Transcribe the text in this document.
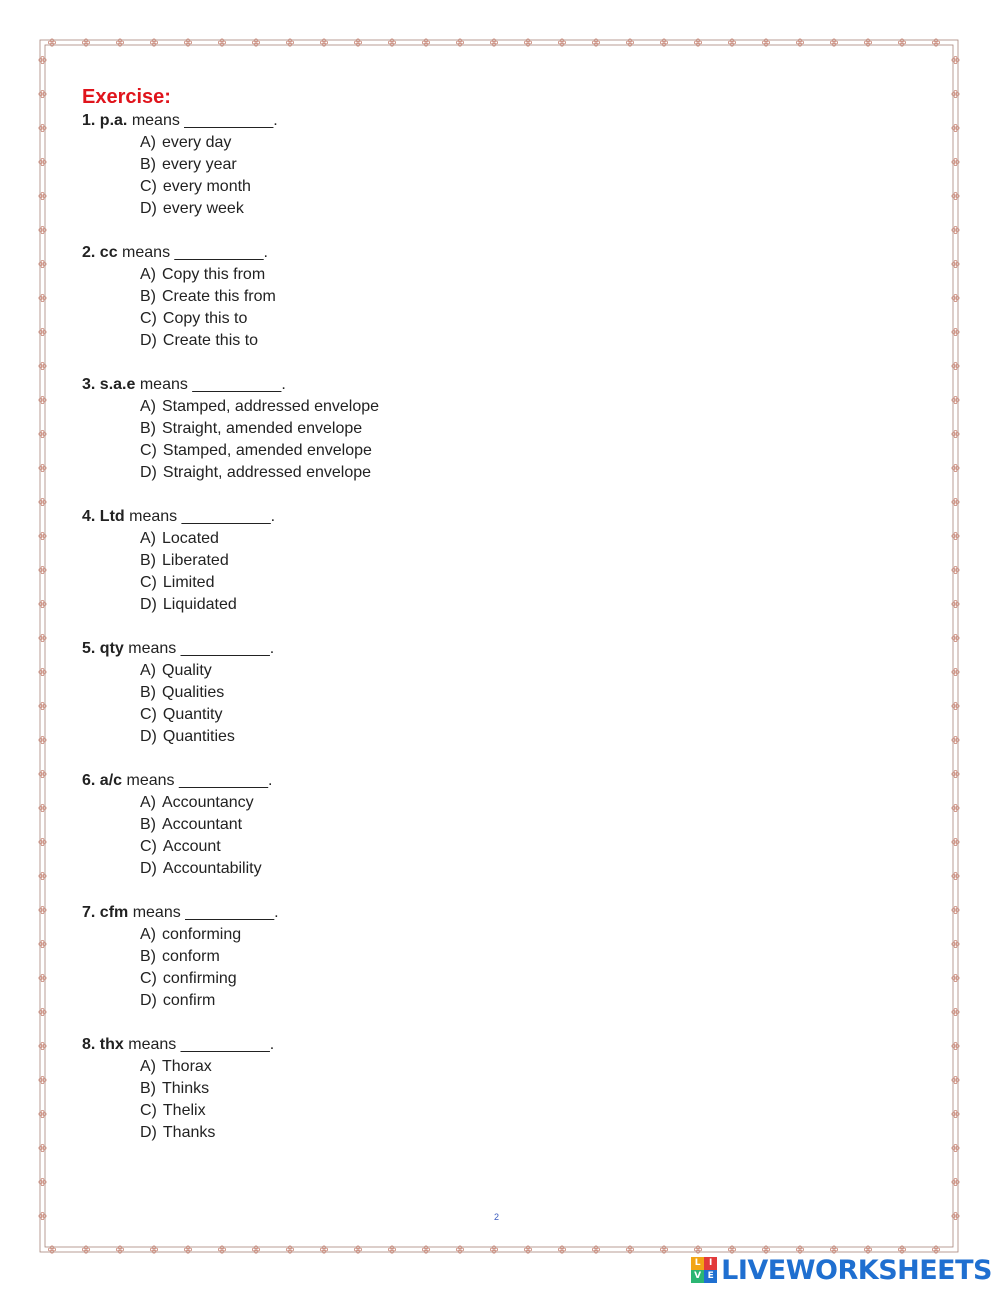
Exercise:
1. p.a. means __________.
A) every day
B) every year
C) every month
D) every week
2. cc means __________.
A) Copy this from
B) Create this from
C) Copy this to
D) Create this to
3. s.a.e means __________.
A) Stamped, addressed envelope
B) Straight, amended envelope
C) Stamped, amended envelope
D) Straight, addressed envelope
4. Ltd means __________.
A) Located
B) Liberated
C) Limited
D) Liquidated
5. qty means __________.
A) Quality
B) Qualities
C) Quantity
D) Quantities
6. a/c means __________.
A) Accountancy
B) Accountant
C) Account
D) Accountability
7. cfm means __________.
A) conforming
B) conform
C) confirming
D) confirm
8. thx means __________.
A) Thorax
B) Thinks
C) Thelix
D) Thanks
2
L I
V E LIVEWORKSHEETS
